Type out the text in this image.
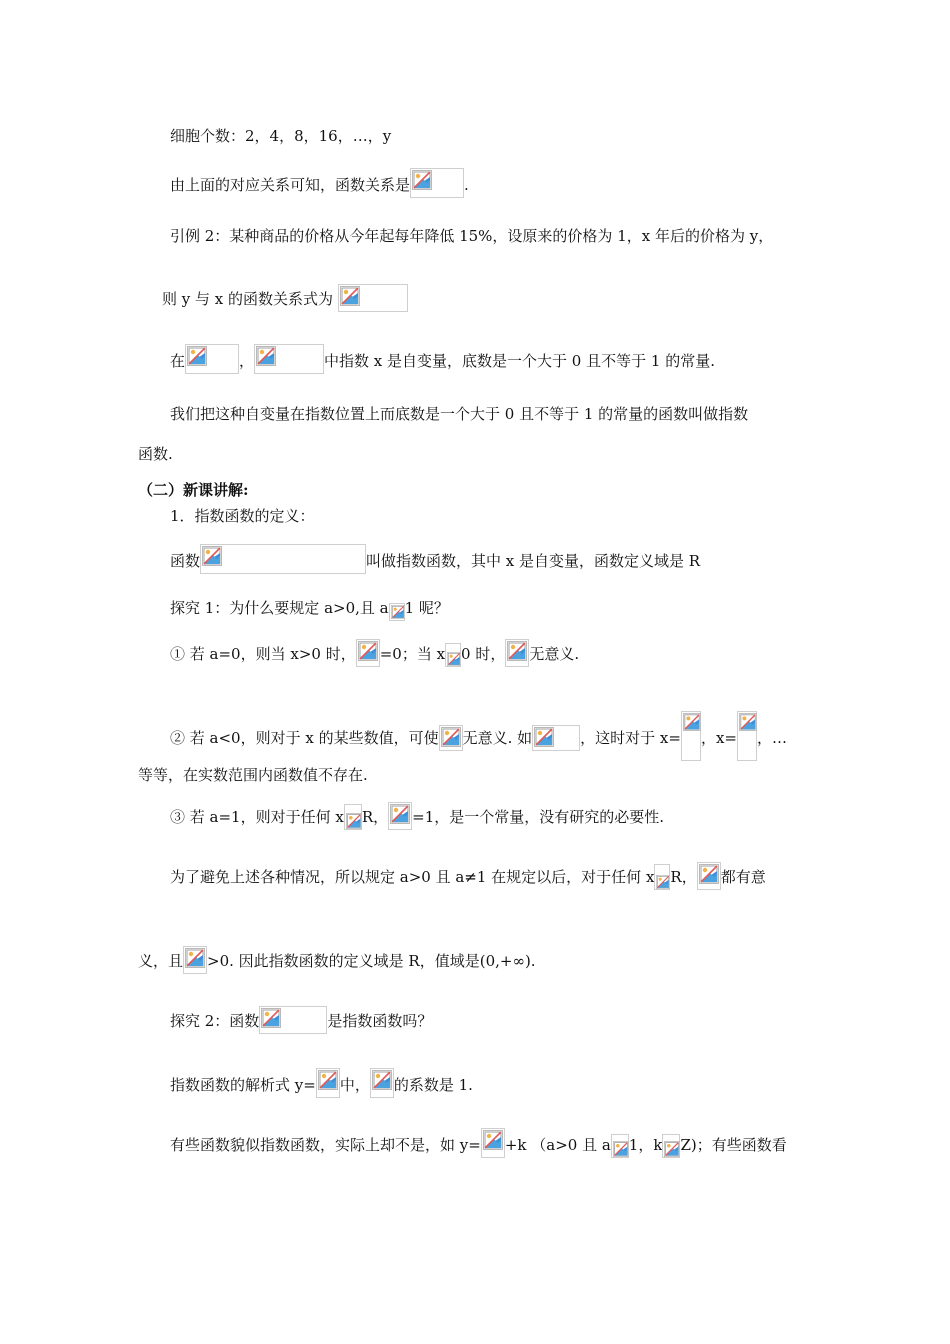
细胞个数：2，4，8，16，…，y
由上面的对应关系可知，函数关系是	.
引例 2：某种商品的价格从今年起每年降低 15%，设原来的价格为 1，x 年后的价格为 y，
则 y 与 x 的函数关系式为
在	，	中指数 x 是自变量，底数是一个大于 0 且不等于 1 的常量.
我们把这种自变量在指数位置上而底数是一个大于 0 且不等于 1 的常量的函数叫做指数
函数.
（二）新课讲解:
1．指数函数的定义：
函数	叫做指数函数，其中 x 是自变量，函数定义域是 R
探究 1：为什么要规定 a>0,且 a 1 呢？
① 若 a=0，则当 x>0 时， =0；当 x 0 时， 无意义.
② 若 a<0，则对于 x 的某些数值，可使 无意义. 如	，这时对于 x= ，x= ，…
等等，在实数范围内函数值不存在.
③ 若 a=1，则对于任何 x R， =1，是一个常量，没有研究的必要性.
为了避免上述各种情况，所以规定 a>0 且 a≠1 在规定以后，对于任何 x R， 都有意
义，且 >0. 因此指数函数的定义域是 R，值域是(0,+∞).
探究 2：函数	是指数函数吗？
指数函数的解析式 y= 中， 的系数是 1.
有些函数貌似指数函数，实际上却不是，如 y= +k （a>0 且 a 1，k Z)；有些函数看
